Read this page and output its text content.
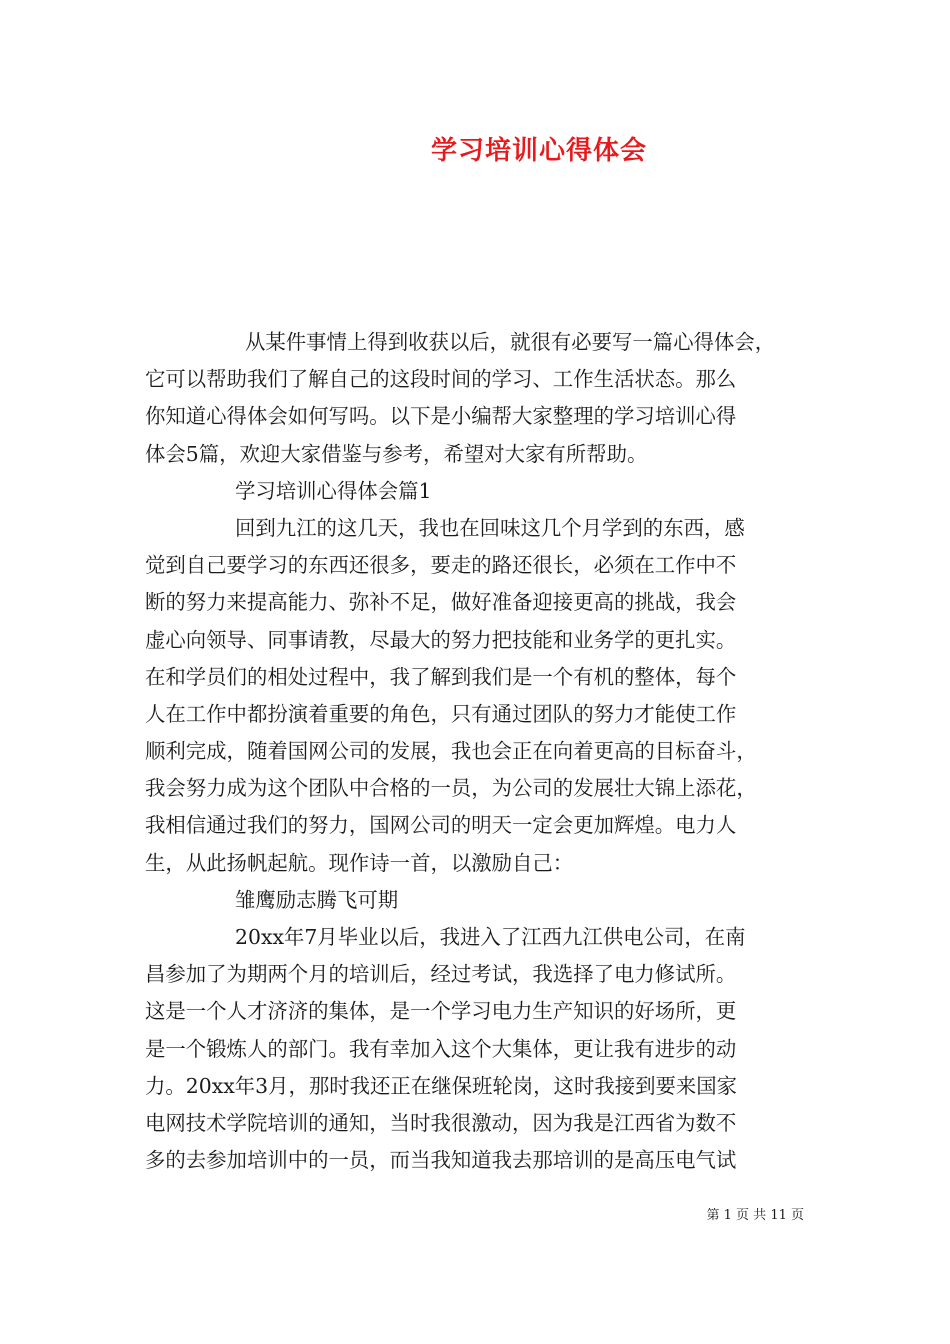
学习培训心得体会
从某件事情上得到收获以后，就很有必要写一篇心得体会，
它可以帮助我们了解自己的这段时间的学习、工作生活状态。那么
你知道心得体会如何写吗。以下是小编帮大家整理的学习培训心得
体会5篇，欢迎大家借鉴与参考，希望对大家有所帮助。
学习培训心得体会篇1
回到九江的这几天，我也在回味这几个月学到的东西，感
觉到自己要学习的东西还很多，要走的路还很长，必须在工作中不
断的努力来提高能力、弥补不足，做好准备迎接更高的挑战，我会
虚心向领导、同事请教，尽最大的努力把技能和业务学的更扎实。
在和学员们的相处过程中，我了解到我们是一个有机的整体，每个
人在工作中都扮演着重要的角色，只有通过团队的努力才能使工作
顺利完成，随着国网公司的发展，我也会正在向着更高的目标奋斗，
我会努力成为这个团队中合格的一员，为公司的发展壮大锦上添花，
我相信通过我们的努力，国网公司的明天一定会更加辉煌。电力人
生，从此扬帆起航。现作诗一首，以激励自己：
雏鹰励志腾飞可期
20xx年7月毕业以后，我进入了江西九江供电公司，在南
昌参加了为期两个月的培训后，经过考试，我选择了电力修试所。
这是一个人才济济的集体，是一个学习电力生产知识的好场所，更
是一个锻炼人的部门。我有幸加入这个大集体，更让我有进步的动
力。20xx年3月，那时我还正在继保班轮岗，这时我接到要来国家
电网技术学院培训的通知，当时我很激动，因为我是江西省为数不
多的去参加培训中的一员，而当我知道我去那培训的是高压电气试
第 1 页 共 11 页
